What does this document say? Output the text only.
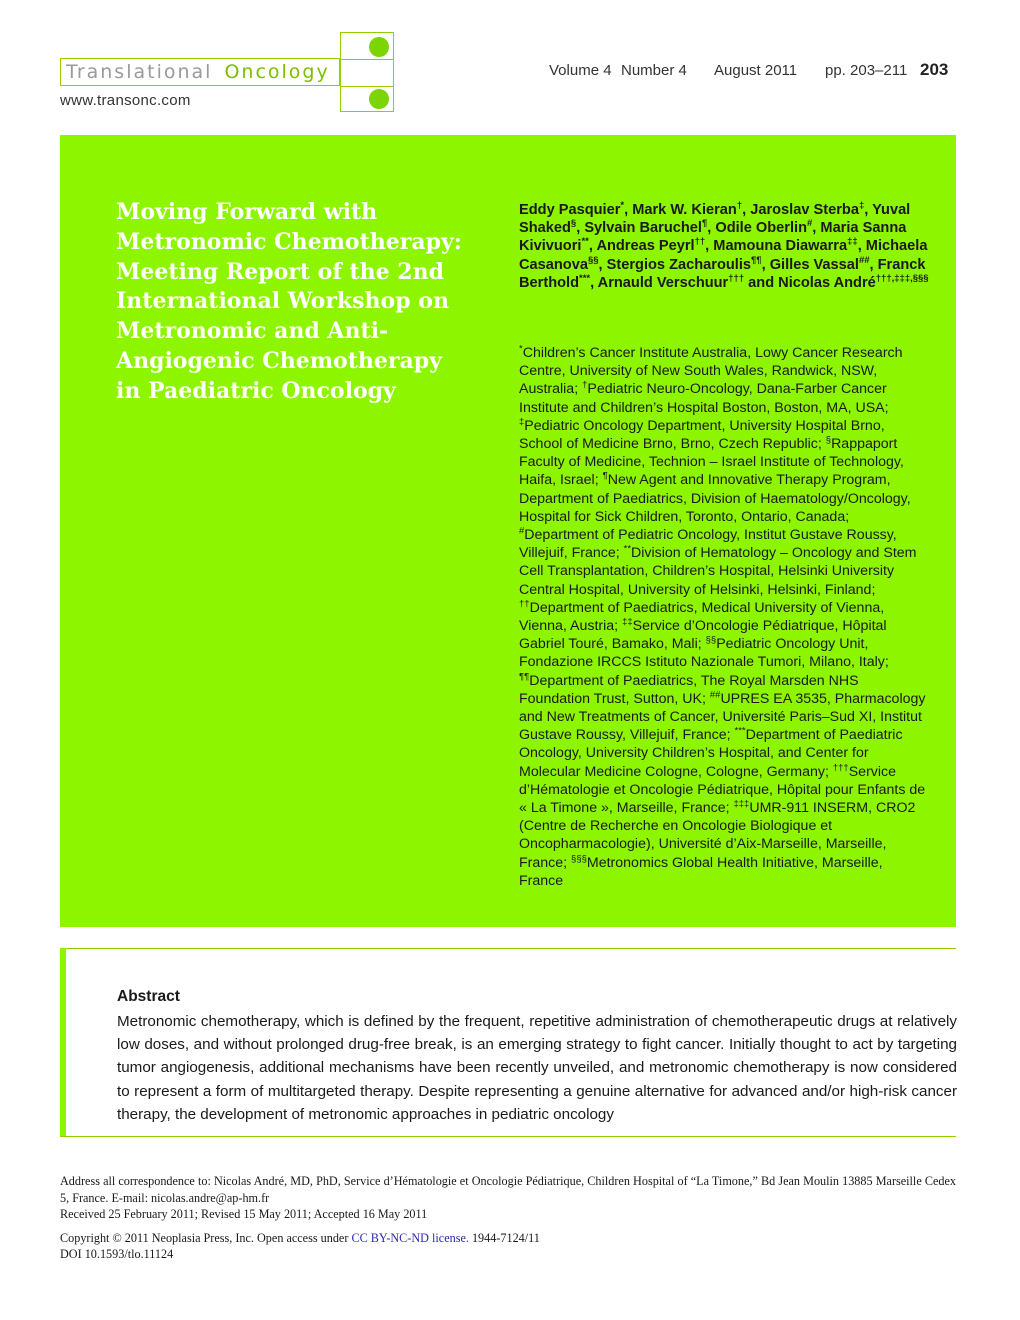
Translational Oncology
www.transonc.com
Volume 4 Number 4 August 2011 pp. 203–211 203
Moving Forward with Metronomic Chemotherapy: Meeting Report of the 2nd International Workshop on Metronomic and Anti-Angiogenic Chemotherapy in Paediatric Oncology
Eddy Pasquier*, Mark W. Kieran†, Jaroslav Sterba‡, Yuval Shaked§, Sylvain Baruchel¶, Odile Oberlin#, Maria Sanna Kivivuori**, Andreas Peyrl††, Mamouna Diawarra‡‡, Michaela Casanova§§, Stergios Zacharoulis¶¶, Gilles Vassal##, Franck Berthold***, Arnauld Verschuur††† and Nicolas André†††,‡‡‡,§§§
*Children’s Cancer Institute Australia, Lowy Cancer Research Centre, University of New South Wales, Randwick, NSW, Australia; †Pediatric Neuro-Oncology, Dana-Farber Cancer Institute and Children’s Hospital Boston, Boston, MA, USA; ‡Pediatric Oncology Department, University Hospital Brno, School of Medicine Brno, Brno, Czech Republic; §Rappaport Faculty of Medicine, Technion – Israel Institute of Technology, Haifa, Israel; ¶New Agent and Innovative Therapy Program, Department of Paediatrics, Division of Haematology/Oncology, Hospital for Sick Children, Toronto, Ontario, Canada; #Department of Pediatric Oncology, Institut Gustave Roussy, Villejuif, France; **Division of Hematology – Oncology and Stem Cell Transplantation, Children’s Hospital, Helsinki University Central Hospital, University of Helsinki, Helsinki, Finland; ††Department of Paediatrics, Medical University of Vienna, Vienna, Austria; ‡‡Service d’Oncologie Pédiatrique, Hôpital Gabriel Touré, Bamako, Mali; §§Pediatric Oncology Unit, Fondazione IRCCS Istituto Nazionale Tumori, Milano, Italy; ¶¶Department of Paediatrics, The Royal Marsden NHS Foundation Trust, Sutton, UK; ##UPRES EA 3535, Pharmacology and New Treatments of Cancer, Université Paris–Sud XI, Institut Gustave Roussy, Villejuif, France; ***Department of Paediatric Oncology, University Children’s Hospital, and Center for Molecular Medicine Cologne, Cologne, Germany; †††Service d’Hématologie et Oncologie Pédiatrique, Hôpital pour Enfants de « La Timone », Marseille, France; ‡‡‡UMR-911 INSERM, CRO2 (Centre de Recherche en Oncologie Biologique et Oncopharmacologie), Université d’Aix-Marseille, Marseille, France; §§§Metronomics Global Health Initiative, Marseille, France
Abstract
Metronomic chemotherapy, which is defined by the frequent, repetitive administration of chemotherapeutic drugs at relatively low doses, and without prolonged drug-free break, is an emerging strategy to fight cancer. Initially thought to act by targeting tumor angiogenesis, additional mechanisms have been recently unveiled, and metronomic chemotherapy is now considered to represent a form of multitargeted therapy. Despite representing a genuine alternative for advanced and/or high-risk cancer therapy, the development of metronomic approaches in pediatric oncology
Address all correspondence to: Nicolas André, MD, PhD, Service d’Hématologie et Oncologie Pédiatrique, Children Hospital of “La Timone,” Bd Jean Moulin 13885 Marseille Cedex 5, France. E-mail: nicolas.andre@ap-hm.fr
Received 25 February 2011; Revised 15 May 2011; Accepted 16 May 2011
Copyright © 2011 Neoplasia Press, Inc. Open access under CC BY-NC-ND license. 1944-7124/11
DOI 10.1593/tlo.11124
